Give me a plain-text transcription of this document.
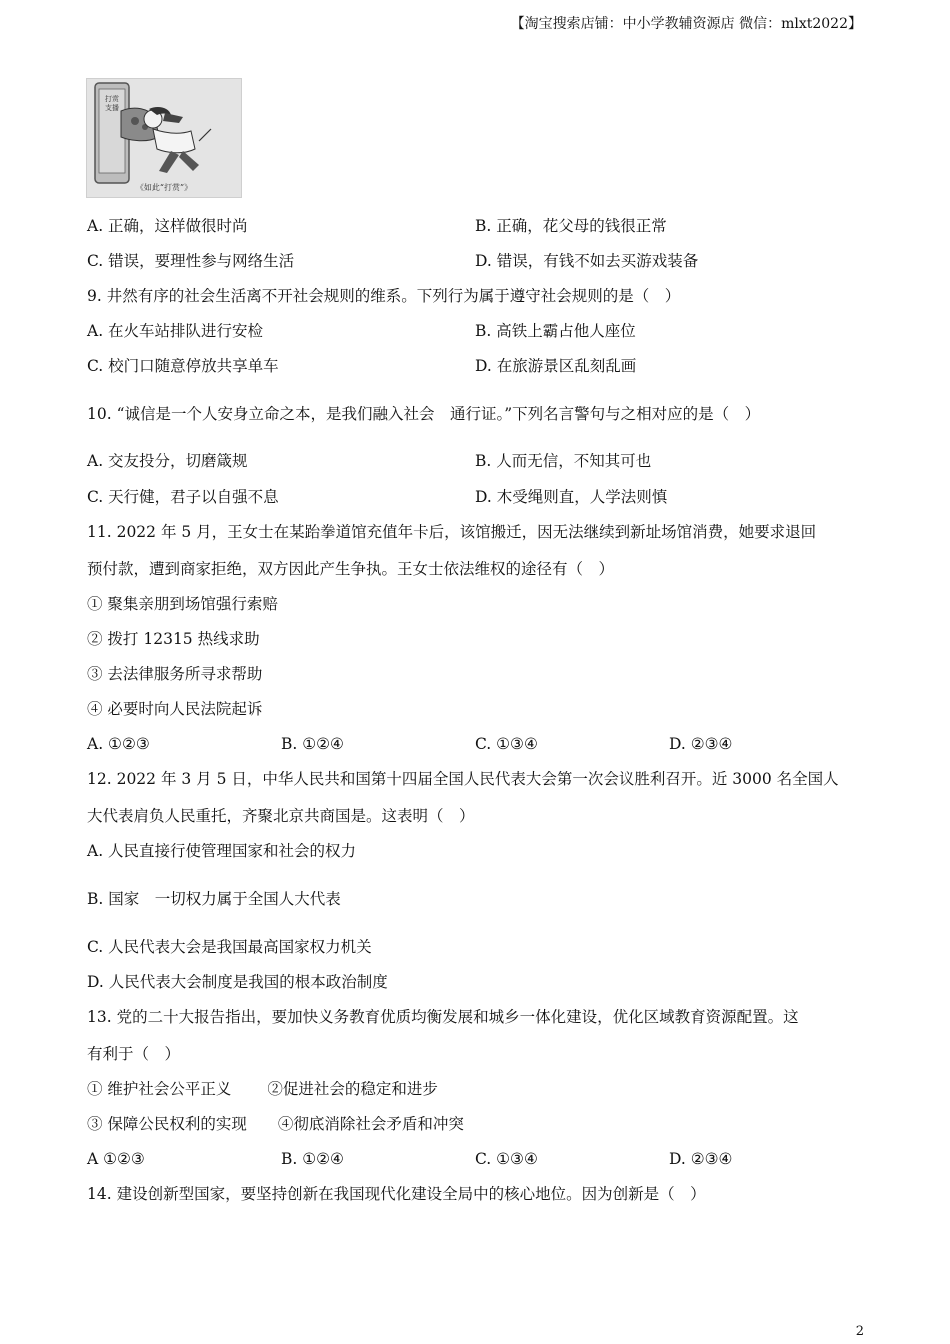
【淘宝搜索店铺：中小学教辅资源店 微信：mlxt2022】
打赏
支播
《如此“打赏”》
A. 正确，这样做很时尚	B. 正确，花父母的钱很正常
C. 错误，要理性参与网络生活	D. 错误，有钱不如去买游戏装备
9. 井然有序的社会生活离不开社会规则的维系。下列行为属于遵守社会规则的是（　）
A. 在火车站排队进行安检	B. 高铁上霸占他人座位
C. 校门口随意停放共享单车	D. 在旅游景区乱刻乱画
10. “诚信是一个人安身立命之本，是我们融入社会　通行证。”下列名言警句与之相对应的是（　）
A. 交友投分，切磨箴规	B. 人而无信，不知其可也
C. 天行健，君子以自强不息	D. 木受绳则直，人学法则慎
11. 2022 年 5 月，王女士在某跆拳道馆充值年卡后，该馆搬迁，因无法继续到新址场馆消费，她要求退回
预付款，遭到商家拒绝，双方因此产生争执。王女士依法维权的途径有（　）
① 聚集亲朋到场馆强行索赔
② 拨打 12315 热线求助
③ 去法律服务所寻求帮助
④ 必要时向人民法院起诉
A. ①②③	B. ①②④	C. ①③④	D. ②③④
12. 2022 年 3 月 5 日，中华人民共和国第十四届全国人民代表大会第一次会议胜利召开。近 3000 名全国人
大代表肩负人民重托，齐聚北京共商国是。这表明（　）
A. 人民直接行使管理国家和社会的权力
B. 国家　一切权力属于全国人大代表
C. 人民代表大会是我国最高国家权力机关
D. 人民代表大会制度是我国的根本政治制度
13. 党的二十大报告指出，要加快义务教育优质均衡发展和城乡一体化建设，优化区域教育资源配置。这
有利于（　）
① 维护社会公平正义　　 ②促进社会的稳定和进步
③ 保障公民权利的实现　　④彻底消除社会矛盾和冲突
A ①②③	B. ①②④	C. ①③④	D. ②③④
14. 建设创新型国家，要坚持创新在我国现代化建设全局中的核心地位。因为创新是（　）
2
